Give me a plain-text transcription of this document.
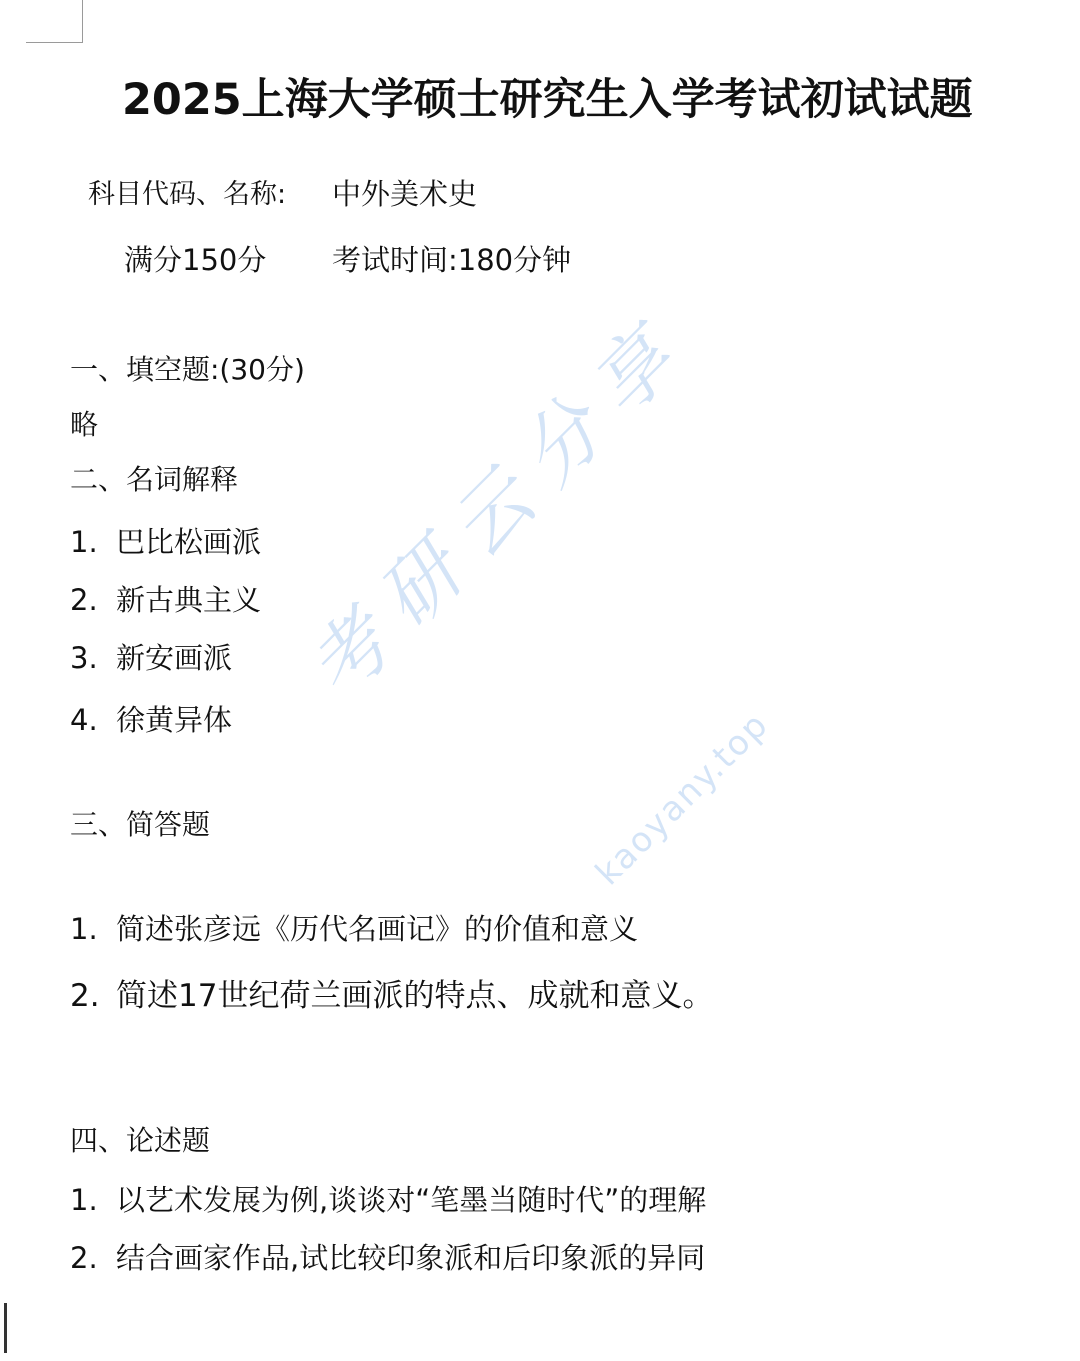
2025上海大学硕士研究生入学考试初试试题
科目代码、名称: 中外美术史
满分150分 考试时间:180分钟
一、填空题:(30分)
略
二、名词解释
1. 巴比松画派
2. 新古典主义
3. 新安画派
4. 徐黄异体
三、简答题
1. 简述张彦远《历代名画记》的价值和意义
2. 简述17世纪荷兰画派的特点、成就和意义。
四、论述题
1. 以艺术发展为例,谈谈对“笔墨当随时代”的理解
2. 结合画家作品,试比较印象派和后印象派的异同
考研云分享
kaoyany.top
